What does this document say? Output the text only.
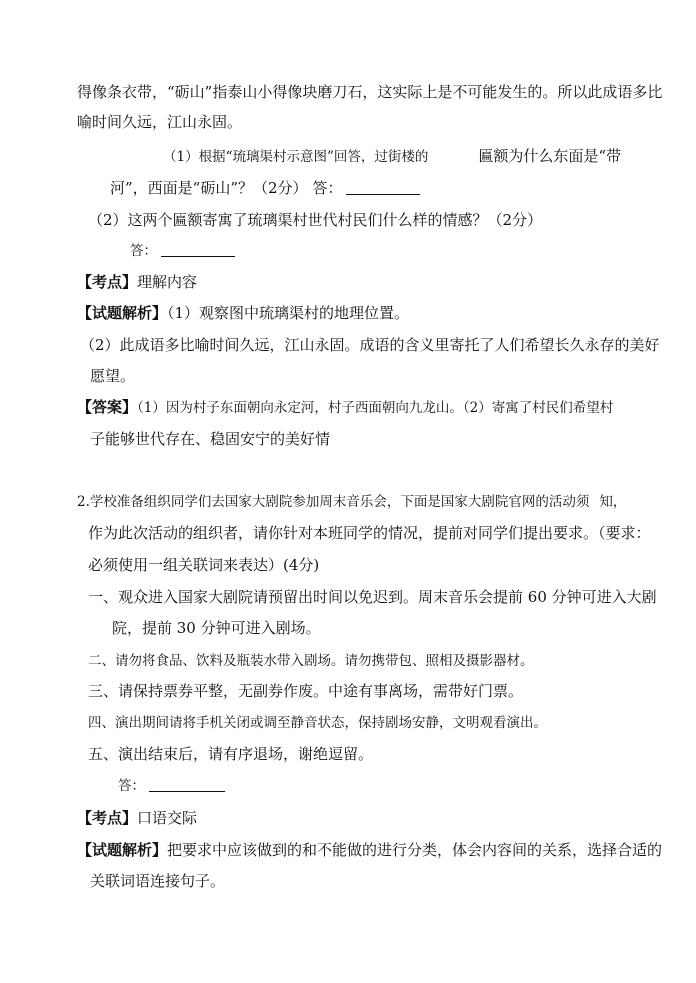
得像条衣带，“砺山”指泰山小得像块磨刀石，这实际上是不可能发生的。所以此成语多比
喻时间久远，江山永固。
（1）根据“琉璃渠村示意图”回答，过街楼的	匾额为什么东面是“带
河”，西面是“砺山”？（2分） 答：
（2）这两个匾额寄寓了琉璃渠村世代村民们什么样的情感？（2分）
答：
【考点】理解内容
【试题解析】（1）观察图中琉璃渠村的地理位置。
（2）此成语多比喻时间久远，江山永固。成语的含义里寄托了人们希望长久永存的美好
愿望。
【答案】（1）因为村子东面朝向永定河，村子西面朝向九龙山。（2）寄寓了村民们希望村
子能够世代存在、稳固安宁的美好情
2.学校准备组织同学们去国家大剧院参加周末音乐会，下面是国家大剧院官网的活动须 知，
作为此次活动的组织者，请你针对本班同学的情况，提前对同学们提出要求。（要求：
必须使用一组关联词来表达）(4分)
一、观众进入国家大剧院请预留出时间以免迟到。周末音乐会提前 60 分钟可进入大剧
院，提前 30 分钟可进入剧场。
二、请勿将食品、饮料及瓶装水带入剧场。请勿携带包、照相及摄影器材。
三、请保持票券平整，无副券作废。中途有事离场，需带好门票。
四、演出期间请将手机关闭或调至静音状态，保持剧场安静，文明观看演出。
五、演出结束后，请有序退场，谢绝逗留。
答：
【考点】口语交际
【试题解析】把要求中应该做到的和不能做的进行分类，体会内容间的关系，选择合适的
关联词语连接句子。
